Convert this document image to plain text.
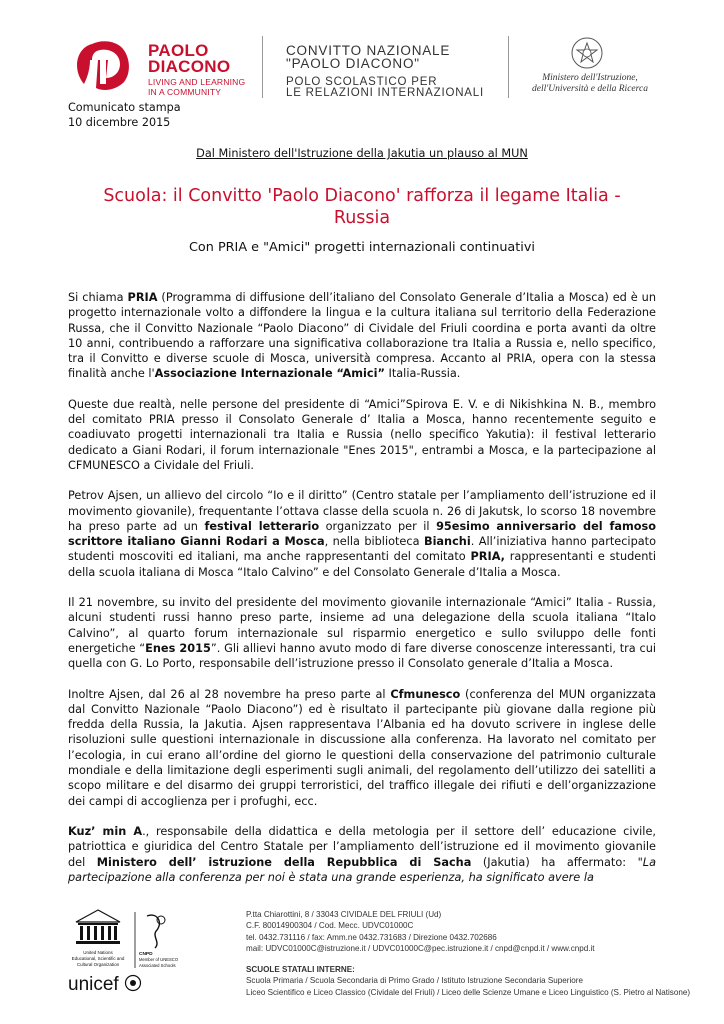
PAOLO
DIACONO
LIVING AND LEARNING
IN A COMMUNITY
CONVITTO NAZIONALE
"PAOLO DIACONO"
POLO SCOLASTICO PER
LE RELAZIONI INTERNAZIONALI
Ministero dell'Istruzione,
dell'Università e della Ricerca
Comunicato stampa
10 dicembre 2015
Dal Ministero dell'Istruzione della Jakutia un plauso al MUN
Scuola: il Convitto 'Paolo Diacono' rafforza il legame Italia - Russia
Con PRIA e "Amici" progetti internazionali continuativi

Si chiama PRIA (Programma di diffusione dell’italiano del Consolato Generale d’Italia a Mosca) ed è un progetto internazionale volto a diffondere la lingua e la cultura italiana sul territorio della Federazione Russa, che il Convitto Nazionale “Paolo Diacono” di Cividale del Friuli coordina e porta avanti da oltre 10 anni, contribuendo a rafforzare una significativa collaborazione tra Italia a Russia e, nello specifico, tra il Convitto e diverse scuole di Mosca, università compresa. Accanto al PRIA, opera con la stessa finalità anche l'Associazione Internazionale “Amici” Italia-Russia.

Queste due realtà, nelle persone del presidente di “Amici”Spirova E. V. e di Nikishkina N. B., membro del comitato PRIA presso il Consolato Generale d’ Italia a Mosca, hanno recentemente seguito e coadiuvato progetti internazionali tra Italia e Russia (nello specifico Yakutia): il festival letterario dedicato a Giani Rodari, il forum internazionale "Enes 2015", entrambi a Mosca, e la partecipazione al CFMUNESCO a Cividale del Friuli.

Petrov Ajsen, un allievo del circolo “Io e il diritto” (Centro statale per l’ampliamento dell’istruzione ed il movimento giovanile), frequentante l’ottava classe della scuola n. 26 di Jakutsk, lo scorso 18 novembre ha preso parte ad un festival letterario organizzato per il 95esimo anniversario del famoso scrittore italiano Gianni Rodari a Mosca, nella biblioteca Bianchi. All’iniziativa hanno partecipato studenti moscoviti ed italiani, ma anche rappresentanti del comitato PRIA, rappresentanti e studenti della scuola italiana di Mosca “Italo Calvino” e del Consolato Generale d’Italia a Mosca.

Il 21 novembre, su invito del presidente del movimento giovanile internazionale “Amici” Italia - Russia, alcuni studenti russi hanno preso parte, insieme ad una delegazione della scuola italiana “Italo Calvino”, al quarto forum internazionale sul risparmio energetico e sullo sviluppo delle fonti energetiche “Enes 2015”. Gli allievi hanno avuto modo di fare diverse conoscenze interessanti, tra cui quella con G. Lo Porto, responsabile dell’istruzione presso il Consolato generale d’Italia a Mosca.

Inoltre Ajsen, dal 26 al 28 novembre ha preso parte al Cfmunesco (conferenza del MUN organizzata dal Convitto Nazionale “Paolo Diacono”) ed è risultato il partecipante più giovane dalla regione più fredda della Russia, la Jakutia. Ajsen rappresentava l’Albania ed ha dovuto scrivere in inglese delle risoluzioni sulle questioni internazionale in discussione alla conferenza. Ha lavorato nel comitato per l’ecologia, in cui erano all’ordine del giorno le questioni della conservazione del patrimonio culturale mondiale e della limitazione degli esperimenti sugli animali, del regolamento dell’utilizzo dei satelliti a scopo militare e del disarmo dei gruppi terroristici, del traffico illegale dei rifiuti e dell’organizzazione dei campi di accoglienza per i profughi, ecc.

Kuz’ min A., responsabile della didattica e della metologia per il settore dell’ educazione civile, patriottica e giuridica del Centro Statale per l’ampliamento dell’istruzione ed il movimento giovanile del Ministero dell’ istruzione della Repubblica di Sacha (Jakutia) ha affermato: "La partecipazione alla conferenza per noi è stata una grande esperienza, ha significato avere la

United Nations
Educational, Scientific and
Cultural Organization
CNPD
Member of UNESCO
Associated Schools
unicef
P.tta Chiarottini, 8 / 33043 CIVIDALE DEL FRIULI (Ud)
C.F. 80014900304 / Cod. Mecc. UDVC01000C
tel. 0432.731116 / fax: Amm.ne 0432.731683 / Direzione 0432.702686
mail: UDVC01000C@istruzione.it / UDVC01000C@pec.istruzione.it / cnpd@cnpd.it / www.cnpd.it
SCUOLE STATALI INTERNE:
Scuola Primaria / Scuola Secondaria di Primo Grado / Istituto Istruzione Secondaria Superiore
Liceo Scientifico e Liceo Classico (Cividale del Friuli) / Liceo delle Scienze Umane e Liceo Linguistico (S. Pietro al Natisone)
